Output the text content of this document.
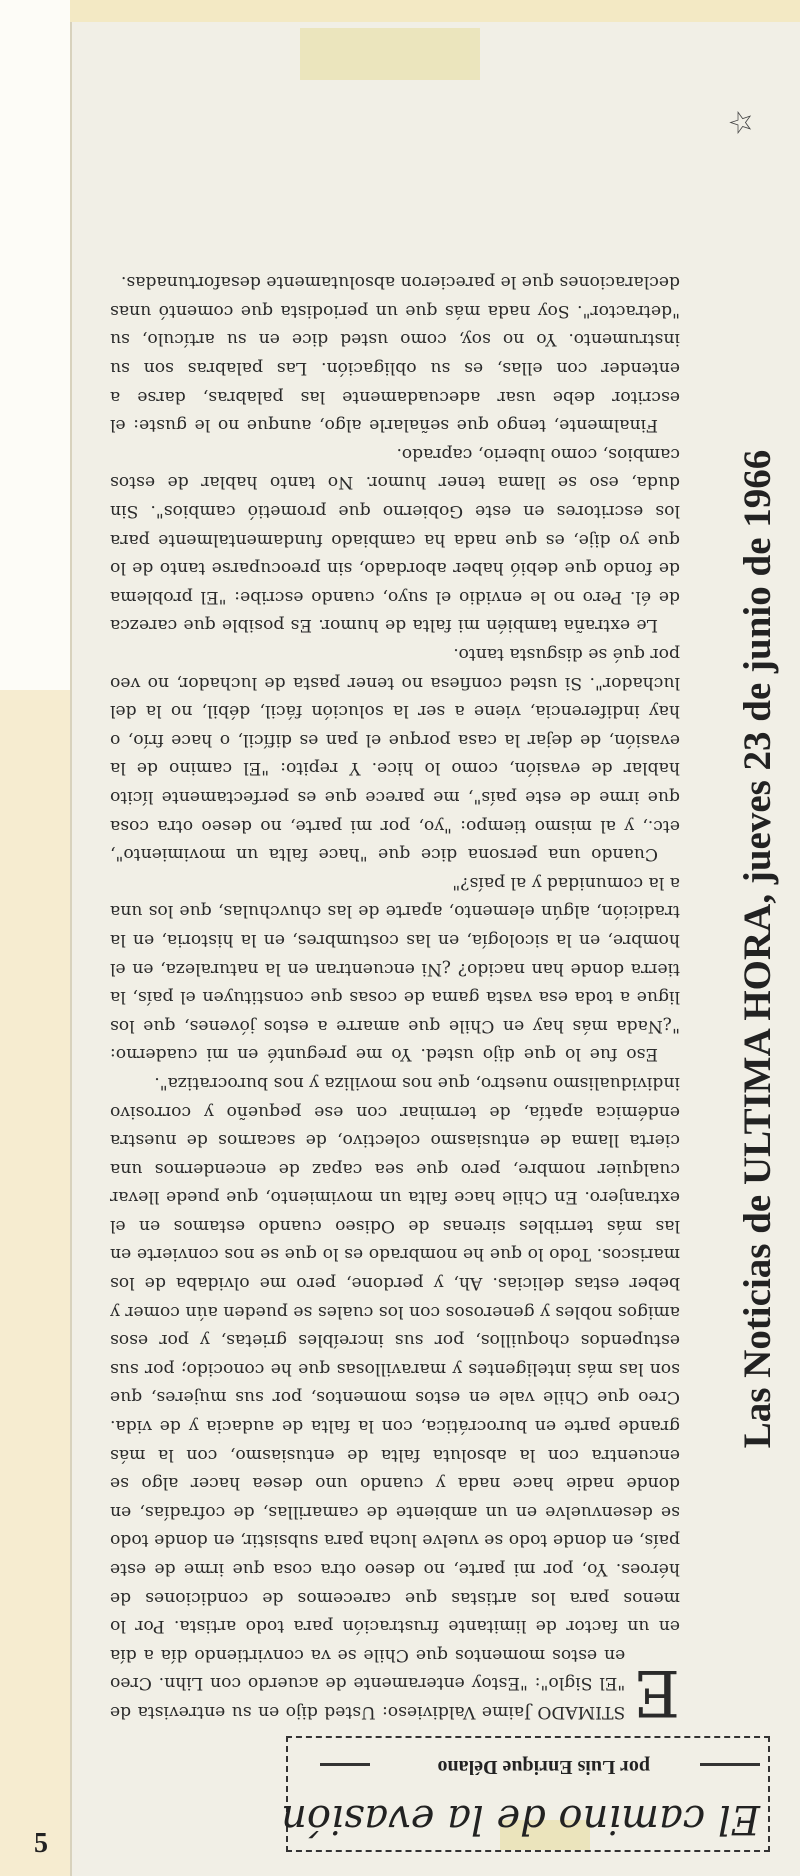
Las Noticias de ULTIMA HORA, jueves 23 de junio de 1966
☆
El camino de la evasión
por Luis Enrique Délano

E
STIMADO Jaime Valdivieso: Usted dijo en su entrevista de "El Siglo": "Estoy enteramente de acuerdo con Lihn. Creo en estos momentos que Chile se va convirtiendo día a día en un factor de limitante frustración para todo artista. Por lo menos para los artistas que carecemos de condiciones de héroes. Yo, por mi parte, no deseo otra cosa que irme de este país, en donde todo se vuelve lucha para subsistir, en donde todo se desenvuelve en un ambiente de camarillas, de cofradías, en donde nadie hace nada y cuando uno desea hacer algo se encuentra con la absoluta falta de entusiasmo, con la más grande parte en burocrática, con la falta de audacia y de vida. Creo que Chile vale en estos momentos, por sus mujeres, que son las más inteligentes y maravillosas que he conocido; por sus estupendos choquillos, por sus increíbles grietas, y por esos amigos nobles y generosos con los cuales se pueden aún comer y beber estas delicias. Ah, y perdone, pero me olvidaba de los mariscos. Todo lo que he nombrado es lo que se nos convierte en las más terribles sirenas de Odiseo cuando estamos en el extranjero. En Chile hace falta un movimiento, que puede llevar cualquier nombre, pero que sea capaz de encendernos una cierta llama de entusiasmo colectivo, de sacarnos de nuestra endémica apatía, de terminar con ese pequeño y corrosivo individualismo nuestro, que nos moviliza y nos burocratiza".

Eso fue lo que dijo usted. Yo me pregunté en mi cuaderno: "¿Nada más hay en Chile que amarre a estos jóvenes, que los ligue a toda esa vasta gama de cosas que constituyen el país, la tierra donde han nacido? ¿Ni encuentran en la naturaleza, en el hombre, en la sicología, en las costumbres, en la historia, en la tradición, algún elemento, aparte de las chuvchulas, que los una a la comunidad y al país?"

Cuando una persona dice que "hace falta un movimiento", etc., y al mismo tiempo: "yo, por mi parte, no deseo otra cosa que irme de este país", me parece que es perfectamente lícito hablar de evasión, como lo hice. Y repito: "El camino de la evasión, de dejar la casa porque el pan es difícil, o hace frío, o hay indiferencia, viene a ser la solución fácil, débil, no la del luchador". Si usted confiesa no tener pasta de luchador, no veo por qué se disgusta tanto.

Le extraña también mi falta de humor. Es posible que carezca de él. Pero no le envidio el suyo, cuando escribe: "El problema de fondo que debió haber abordado, sin preocuparse tanto de lo que yo dije, es que nada ha cambiado fundamentalmente para los escritores en este Gobierno que prometió cambios". Sin duda, eso se llama tener humor. No tanto hablar de estos cambios, como luberio, caprado.

Finalmente, tengo que señalarle algo, aunque no le guste: el escritor debe usar adecuadamente las palabras, darse a entender con ellas, es su obligación. Las palabras son su instrumento. Yo no soy, como usted dice en su artículo, su "detractor". Soy nada más que un periodista que comentó unas declaraciones que le parecieron absolutamente desafortunadas.

5
